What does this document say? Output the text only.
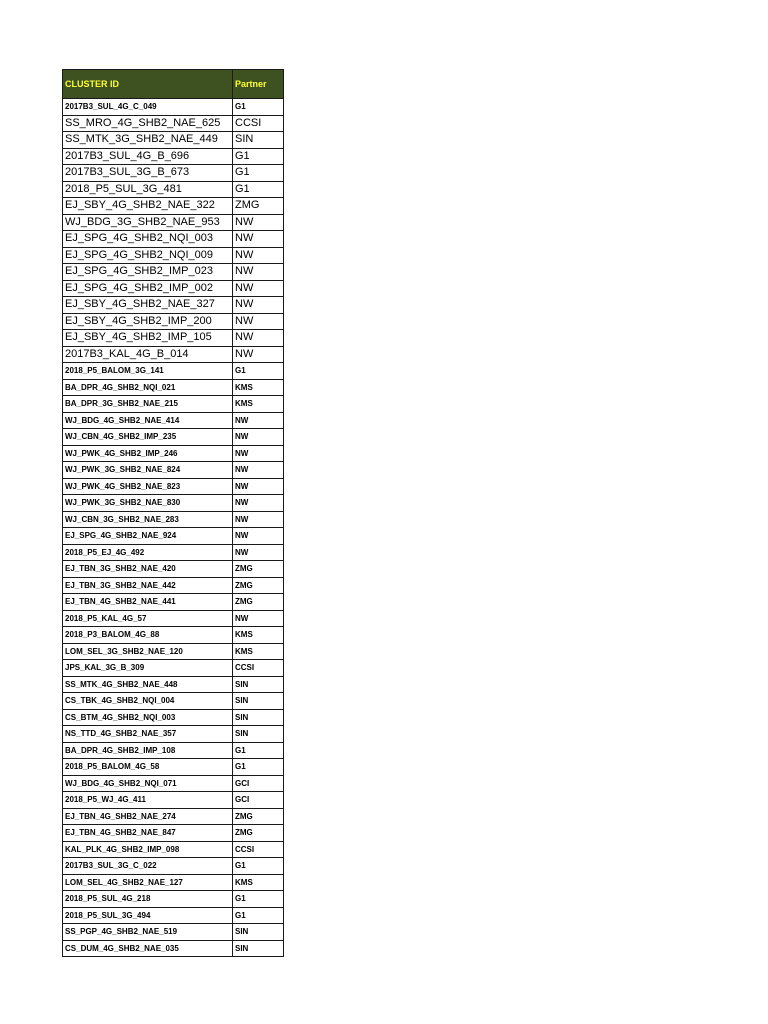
CLUSTER ID	Partner
2017B3_SUL_4G_C_049	G1
SS_MRO_4G_SHB2_NAE_625	CCSI
SS_MTK_3G_SHB2_NAE_449	SIN
2017B3_SUL_4G_B_696	G1
2017B3_SUL_3G_B_673	G1
2018_P5_SUL_3G_481	G1
EJ_SBY_4G_SHB2_NAE_322	ZMG
WJ_BDG_3G_SHB2_NAE_953	NW
EJ_SPG_4G_SHB2_NQI_003	NW
EJ_SPG_4G_SHB2_NQI_009	NW
EJ_SPG_4G_SHB2_IMP_023	NW
EJ_SPG_4G_SHB2_IMP_002	NW
EJ_SBY_4G_SHB2_NAE_327	NW
EJ_SBY_4G_SHB2_IMP_200	NW
EJ_SBY_4G_SHB2_IMP_105	NW
2017B3_KAL_4G_B_014	NW
2018_P5_BALOM_3G_141	G1
BA_DPR_4G_SHB2_NQI_021	KMS
BA_DPR_3G_SHB2_NAE_215	KMS
WJ_BDG_4G_SHB2_NAE_414	NW
WJ_CBN_4G_SHB2_IMP_235	NW
WJ_PWK_4G_SHB2_IMP_246	NW
WJ_PWK_3G_SHB2_NAE_824	NW
WJ_PWK_4G_SHB2_NAE_823	NW
WJ_PWK_3G_SHB2_NAE_830	NW
WJ_CBN_3G_SHB2_NAE_283	NW
EJ_SPG_4G_SHB2_NAE_924	NW
2018_P5_EJ_4G_492	NW
EJ_TBN_3G_SHB2_NAE_420	ZMG
EJ_TBN_3G_SHB2_NAE_442	ZMG
EJ_TBN_4G_SHB2_NAE_441	ZMG
2018_P5_KAL_4G_57	NW
2018_P3_BALOM_4G_88	KMS
LOM_SEL_3G_SHB2_NAE_120	KMS
JPS_KAL_3G_B_309	CCSI
SS_MTK_4G_SHB2_NAE_448	SIN
CS_TBK_4G_SHB2_NQI_004	SIN
CS_BTM_4G_SHB2_NQI_003	SIN
NS_TTD_4G_SHB2_NAE_357	SIN
BA_DPR_4G_SHB2_IMP_108	G1
2018_P5_BALOM_4G_58	G1
WJ_BDG_4G_SHB2_NQI_071	GCI
2018_P5_WJ_4G_411	GCI
EJ_TBN_4G_SHB2_NAE_274	ZMG
EJ_TBN_4G_SHB2_NAE_847	ZMG
KAL_PLK_4G_SHB2_IMP_098	CCSI
2017B3_SUL_3G_C_022	G1
LOM_SEL_4G_SHB2_NAE_127	KMS
2018_P5_SUL_4G_218	G1
2018_P5_SUL_3G_494	G1
SS_PGP_4G_SHB2_NAE_519	SIN
CS_DUM_4G_SHB2_NAE_035	SIN
